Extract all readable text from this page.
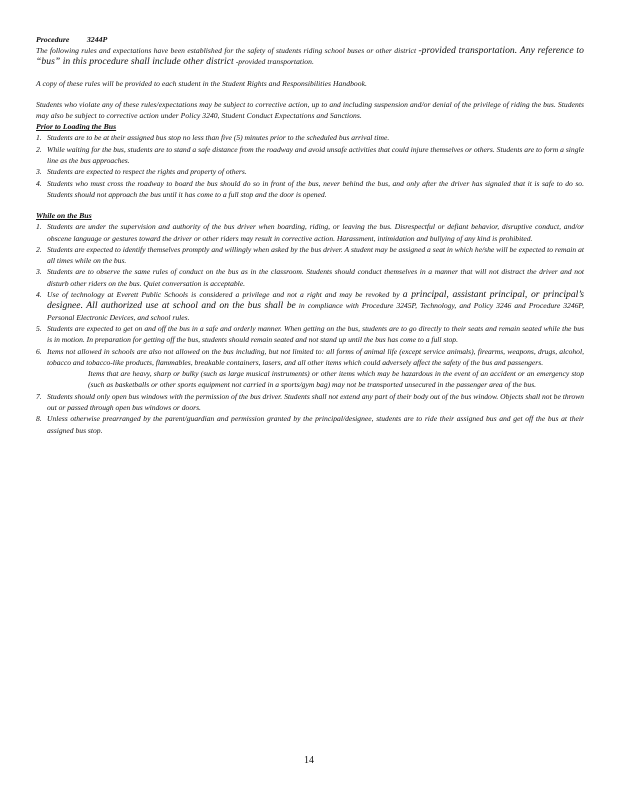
Procedure 3244P

The following rules and expectations have been established for the safety of students riding school buses or other district -provided transportation. Any reference to “bus” in this procedure shall include other district -provided transportation.

A copy of these rules will be provided to each student in the Student Rights and Responsibilities Handbook.

Students who violate any of these rules/expectations may be subject to corrective action, up to and including suspension and/or denial of the privilege of riding the bus. Students may also be subject to corrective action under Policy 3240, Student Conduct Expectations and Sanctions.

Prior to Loading the Bus

1. Students are to be at their assigned bus stop no less than five (5) minutes prior to the scheduled bus arrival time.
2. While waiting for the bus, students are to stand a safe distance from the roadway and avoid unsafe activities that could injure themselves or others. Students are to form a single line as the bus approaches.
3. Students are expected to respect the rights and property of others.
4. Students who must cross the roadway to board the bus should do so in front of the bus, never behind the bus, and only after the driver has signaled that it is safe to do so. Students should not approach the bus until it has come to a full stop and the door is opened.

While on the Bus

1. Students are under the supervision and authority of the bus driver when boarding, riding, or leaving the bus. Disrespectful or defiant behavior, disruptive conduct, and/or obscene language or gestures toward the driver or other riders may result in corrective action. Harassment, intimidation and bullying of any kind is prohibited.
2. Students are expected to identify themselves promptly and willingly when asked by the bus driver. A student may be assigned a seat in which he/she will be expected to remain at all times while on the bus.
3. Students are to observe the same rules of conduct on the bus as in the classroom. Students should conduct themselves in a manner that will not distract the driver and not disturb other riders on the bus. Quiet conversation is acceptable.
4. Use of technology at Everett Public Schools is considered a privilege and not a right and may be revoked by a principal, assistant principal, or principal’s designee. All authorized use at school and on the bus shall be in compliance with Procedure 3245P, Technology, and Policy 3246 and Procedure 3246P, Personal Electronic Devices, and school rules.
5. Students are expected to get on and off the bus in a safe and orderly manner. When getting on the bus, students are to go directly to their seats and remain seated while the bus is in motion. In preparation for getting off the bus, students should remain seated and not stand up until the bus has come to a full stop.
6. Items not allowed in schools are also not allowed on the bus including, but not limited to: all forms of animal life (except service animals), firearms, weapons, drugs, alcohol, tobacco and tobacco-like products, flammables, breakable containers, lasers, and all other items which could adversely affect the safety of the bus and passengers.

Items that are heavy, sharp or bulky (such as large musical instruments) or other items which may be hazardous in the event of an accident or an emergency stop (such as basketballs or other sports equipment not carried in a sports/gym bag) may not be transported unsecured in the passenger area of the bus.

7. Students should only open bus windows with the permission of the bus driver. Students shall not extend any part of their body out of the bus window. Objects shall not be thrown out or passed through open bus windows or doors.
8. Unless otherwise prearranged by the parent/guardian and permission granted by the principal/designee, students are to ride their assigned bus and get off the bus at their assigned bus stop.
14
